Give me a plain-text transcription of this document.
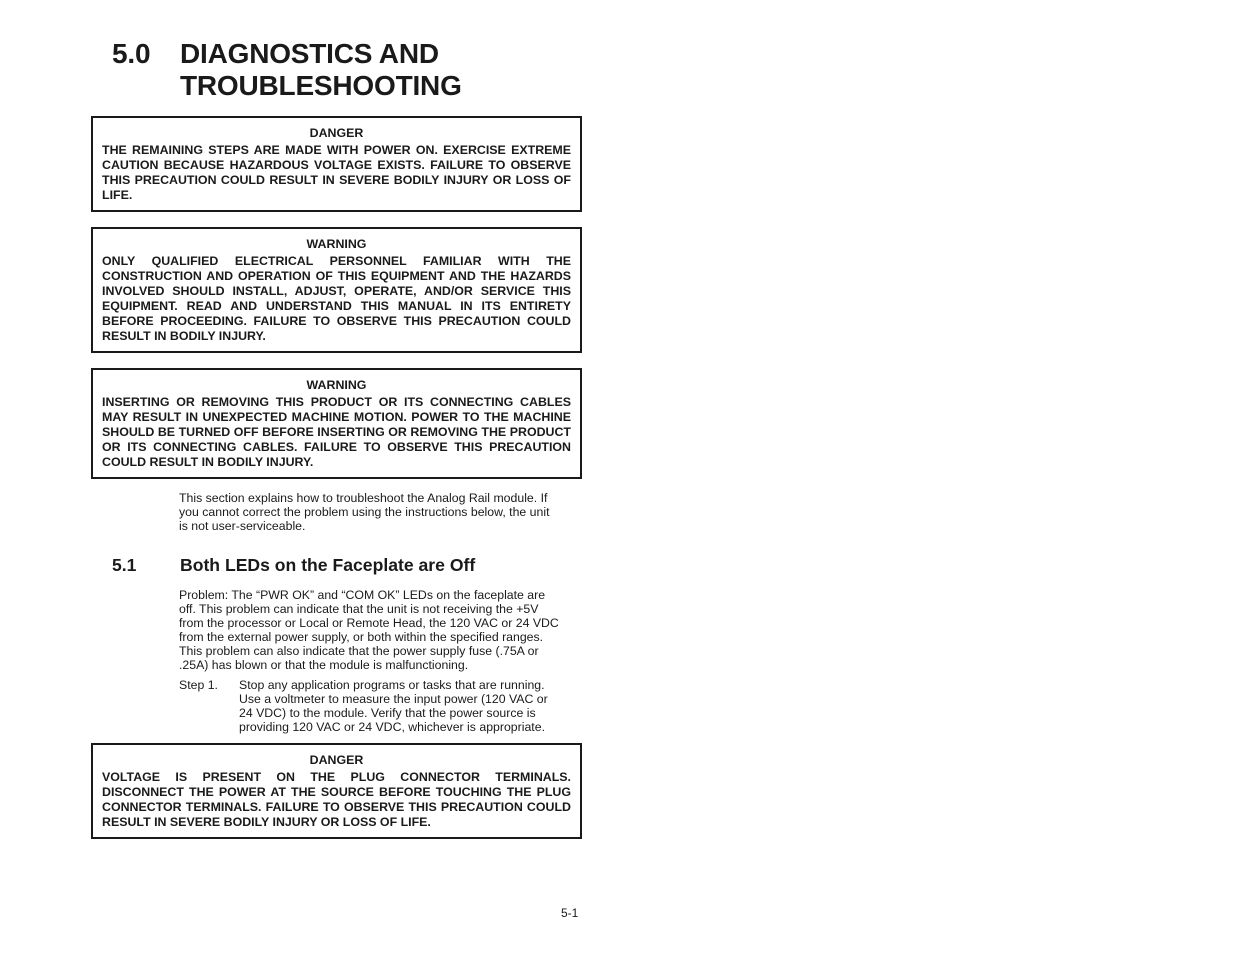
5.0 DIAGNOSTICS AND
TROUBLESHOOTING

DANGER

THE REMAINING STEPS ARE MADE WITH POWER ON. EXERCISE EXTREME CAUTION BECAUSE HAZARDOUS VOLTAGE EXISTS. FAILURE TO OBSERVE THIS PRECAUTION COULD RESULT IN SEVERE BODILY INJURY OR LOSS OF LIFE.

WARNING

ONLY QUALIFIED ELECTRICAL PERSONNEL FAMILIAR WITH THE CONSTRUCTION AND OPERATION OF THIS EQUIPMENT AND THE HAZARDS INVOLVED SHOULD INSTALL, ADJUST, OPERATE, AND/OR SERVICE THIS EQUIPMENT. READ AND UNDERSTAND THIS MANUAL IN ITS ENTIRETY BEFORE PROCEEDING. FAILURE TO OBSERVE THIS PRECAUTION COULD RESULT IN BODILY INJURY.

WARNING

INSERTING OR REMOVING THIS PRODUCT OR ITS CONNECTING CABLES MAY RESULT IN UNEXPECTED MACHINE MOTION. POWER TO THE MACHINE SHOULD BE TURNED OFF BEFORE INSERTING OR REMOVING THE PRODUCT OR ITS CONNECTING CABLES. FAILURE TO OBSERVE THIS PRECAUTION COULD RESULT IN BODILY INJURY.

This section explains how to troubleshoot the Analog Rail module. If you cannot correct the problem using the instructions below, the unit is not user-serviceable.

5.1 Both LEDs on the Faceplate are Off

Problem: The “PWR OK” and “COM OK” LEDs on the faceplate are off. This problem can indicate that the unit is not receiving the +5V from the processor or Local or Remote Head, the 120 VAC or 24 VDC from the external power supply, or both within the specified ranges. This problem can also indicate that the power supply fuse (.75A or .25A) has blown or that the module is malfunctioning.

Step 1. Stop any application programs or tasks that are running. Use a voltmeter to measure the input power (120 VAC or 24 VDC) to the module. Verify that the power source is providing 120 VAC or 24 VDC, whichever is appropriate.

DANGER

VOLTAGE IS PRESENT ON THE PLUG CONNECTOR TERMINALS. DISCONNECT THE POWER AT THE SOURCE BEFORE TOUCHING THE PLUG CONNECTOR TERMINALS. FAILURE TO OBSERVE THIS PRECAUTION COULD RESULT IN SEVERE BODILY INJURY OR LOSS OF LIFE.

5-1
